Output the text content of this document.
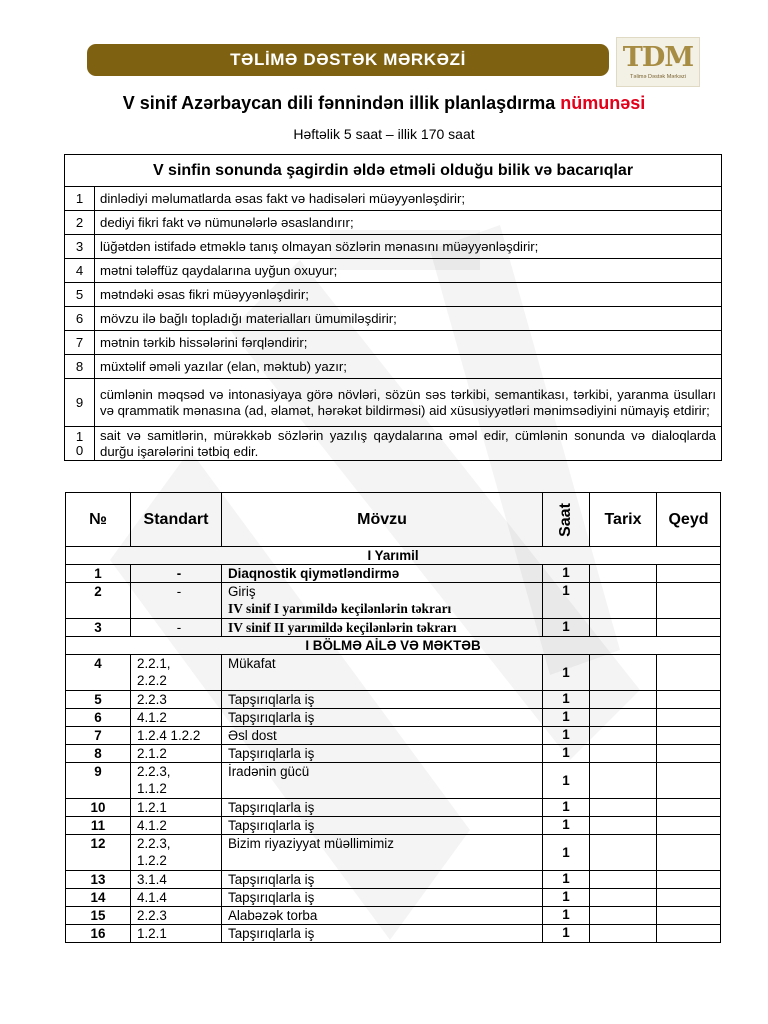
TƏLİMƏ DƏSTƏK MƏRKƏZİ	TDM
Təlimə Dəstək Mərkəzi
V sinif Azərbaycan dili fənnindən illik planlaşdırma nümunəsi
Həftəlik 5 saat – illik 170 saat
V sinfin sonunda şagirdin əldə etməli olduğu bilik və bacarıqlar	
1	dinlədiyi məlumatlarda əsas fakt və hadisələri müəyyənləşdirir;
2	dediyi fikri fakt və nümunələrlə əsaslandırır;
3	lüğətdən istifadə etməklə tanış olmayan sözlərin mənasını müəyyənləşdirir;
4	mətni tələffüz qaydalarına uyğun oxuyur;
5	mətndəki əsas fikri müəyyənləşdirir;
6	mövzu ilə bağlı topladığı materialları ümumiləşdirir;
7	mətnin tərkib hissələrini fərqləndirir;
8	müxtəlif əməli yazılar (elan, məktub) yazır;
9	cümlənin məqsəd və intonasiyaya görə növləri, sözün səs tərkibi, semantikası, tərkibi, yaranma üsulları və qrammatik mənasına (ad, əlamət, hərəkət bildirməsi) aid xüsusiyyətləri mənimsədiyini nümayiş etdirir;
1
0	sait və samitlərin, mürəkkəb sözlərin yazılış qaydalarına əməl edir, cümlənin sonunda və dialoqlarda durğu işarələrini tətbiq edir.
№	Standart	Mövzu	Saat	Tarix	Qeyd
I Yarımil					
1	-	Diaqnostik qiymətləndirmə	1		
2	-	Giriş
IV sinif I yarımildə keçilənlərin təkrarı	1		
3	-	IV sinif II yarımildə keçilənlərin təkrarı	1		
I BÖLMƏ AİLƏ VƏ MƏKTƏB					
4	2.2.1,
2.2.2	Mükafat	1		
5	2.2.3	Tapşırıqlarla iş	1		
6	4.1.2	Tapşırıqlarla iş	1		
7	1.2.4 1.2.2	Əsl dost	1		
8	2.1.2	Tapşırıqlarla iş	1		
9	2.2.3,
1.1.2	İradənin gücü	1		
10	1.2.1	Tapşırıqlarla iş	1		
11	4.1.2	Tapşırıqlarla iş	1		
12	2.2.3,
1.2.2	Bizim riyaziyyat müəllimimiz	1		
13	3.1.4	Tapşırıqlarla iş	1		
14	4.1.4	Tapşırıqlarla iş	1		
15	2.2.3	Alabəzək torba	1		
16	1.2.1	Tapşırıqlarla iş	1		
